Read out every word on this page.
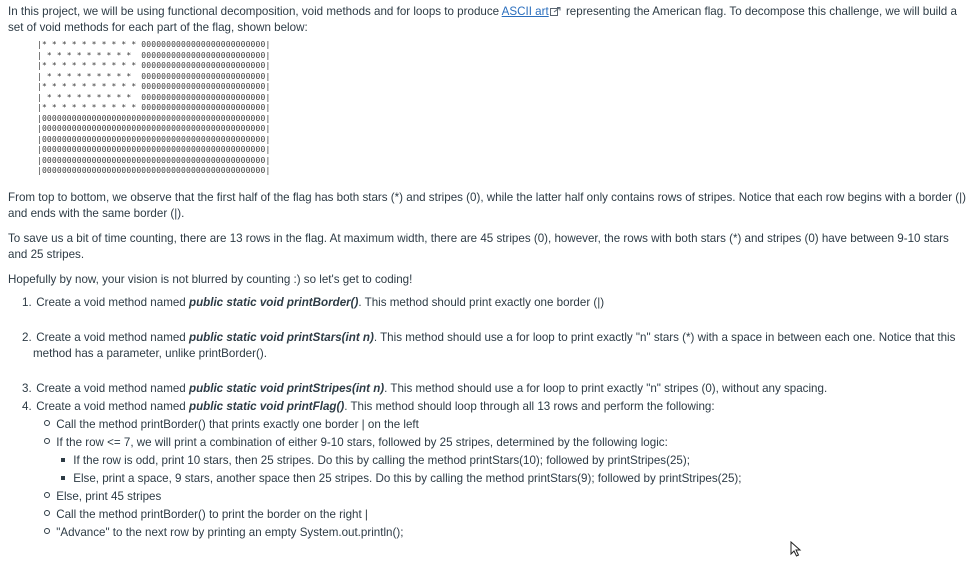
In this project, we will be using functional decomposition, void methods and for loops to produce ASCII art representing the American flag. To decompose this challenge, we will build a set of void methods for each part of the flag, shown below:

|* * * * * * * * * * 0000000000000000000000000|
| * * * * * * * * *  0000000000000000000000000|
|* * * * * * * * * * 0000000000000000000000000|
| * * * * * * * * *  0000000000000000000000000|
|* * * * * * * * * * 0000000000000000000000000|
| * * * * * * * * *  0000000000000000000000000|
|* * * * * * * * * * 0000000000000000000000000|
|000000000000000000000000000000000000000000000|
|000000000000000000000000000000000000000000000|
|000000000000000000000000000000000000000000000|
|000000000000000000000000000000000000000000000|
|000000000000000000000000000000000000000000000|
|000000000000000000000000000000000000000000000|

From top to bottom, we observe that the first half of the flag has both stars (*) and stripes (0), while the latter half only contains rows of stripes. Notice that each row begins with a border (|) and ends with the same border (|).

To save us a bit of time counting, there are 13 rows in the flag. At maximum width, there are 45 stripes (0), however, the rows with both stars (*) and stripes (0) have between 9-10 stars and 25 stripes.

Hopefully by now, your vision is not blurred by counting :) so let's get to coding!

1. Create a void method named public static void printBorder(). This method should print exactly one border (|)

2. Create a void method named public static void printStars(int n). This method should use a for loop to print exactly "n" stars (*) with a space in between each one. Notice that this

method has a parameter, unlike printBorder().

3. Create a void method named public static void printStripes(int n). This method should use a for loop to print exactly "n" stripes (0), without any spacing.

4. Create a void method named public static void printFlag(). This method should loop through all 13 rows and perform the following:

Call the method printBorder() that prints exactly one border | on the left

If the row <= 7, we will print a combination of either 9-10 stars, followed by 25 stripes, determined by the following logic:

If the row is odd, print 10 stars, then 25 stripes. Do this by calling the method printStars(10); followed by printStripes(25);

Else, print a space, 9 stars, another space then 25 stripes. Do this by calling the method printStars(9); followed by printStripes(25);

Else, print 45 stripes

Call the method printBorder() to print the border on the right |

"Advance" to the next row by printing an empty System.out.println();
